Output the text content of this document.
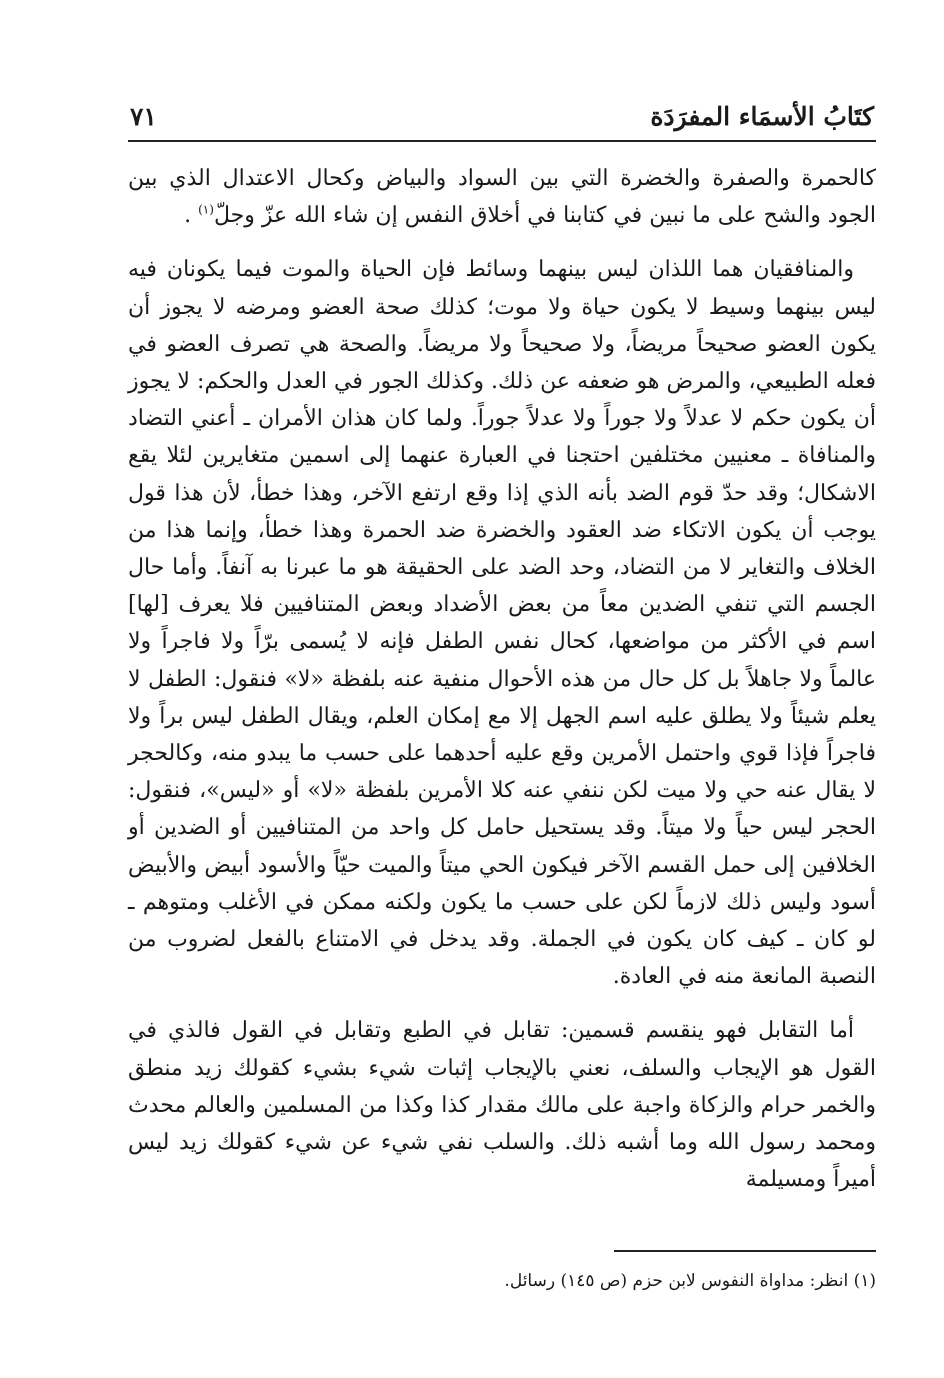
كتَابُ الأسمَاء المفرَدَة
٧١

كالحمرة والصفرة والخضرة التي بين السواد والبياض وكحال الاعتدال الذي بين الجود والشح على ما نبين في كتابنا في أخلاق النفس إن شاء الله عزّ وجلّ$^{(١)}$ .

والمنافقيان هما اللذان ليس بينهما وسائط فإن الحياة والموت فيما يكونان فيه ليس بينهما وسيط لا يكون حياة ولا موت؛ كذلك صحة العضو ومرضه لا يجوز أن يكون العضو صحيحاً مريضاً، ولا صحيحاً ولا مريضاً. والصحة هي تصرف العضو في فعله الطبيعي، والمرض هو ضعفه عن ذلك. وكذلك الجور في العدل والحكم: لا يجوز أن يكون حكم لا عدلاً ولا جوراً ولا عدلاً جوراً. ولما كان هذان الأمران ـ أعني التضاد والمنافاة ـ معنيين مختلفين احتجنا في العبارة عنهما إلى اسمين متغايرين لئلا يقع الاشكال؛ وقد حدّ قوم الضد بأنه الذي إذا وقع ارتفع الآخر، وهذا خطأ، لأن هذا قول يوجب أن يكون الاتكاء ضد العقود والخضرة ضد الحمرة وهذا خطأ، وإنما هذا من الخلاف والتغاير لا من التضاد، وحد الضد على الحقيقة هو ما عبرنا به آنفاً. وأما حال الجسم التي تنفي الضدين معاً من بعض الأضداد وبعض المتنافيين فلا يعرف [لها] اسم في الأكثر من مواضعها، كحال نفس الطفل فإنه لا يُسمى برّاً ولا فاجراً ولا عالماً ولا جاهلاً بل كل حال من هذه الأحوال منفية عنه بلفظة «لا» فنقول: الطفل لا يعلم شيئاً ولا يطلق عليه اسم الجهل إلا مع إمكان العلم، ويقال الطفل ليس براً ولا فاجراً فإذا قوي واحتمل الأمرين وقع عليه أحدهما على حسب ما يبدو منه، وكالحجر لا يقال عنه حي ولا ميت لكن ننفي عنه كلا الأمرين بلفظة «لا» أو «ليس»، فنقول: الحجر ليس حياً ولا ميتاً. وقد يستحيل حامل كل واحد من المتنافيين أو الضدين أو الخلافين إلى حمل القسم الآخر فيكون الحي ميتاً والميت حيّاً والأسود أبيض والأبيض أسود وليس ذلك لازماً لكن على حسب ما يكون ولكنه ممكن في الأغلب ومتوهم ـ لو كان ـ كيف كان يكون في الجملة. وقد يدخل في الامتناع بالفعل لضروب من النصبة المانعة منه في العادة.

أما التقابل فهو ينقسم قسمين: تقابل في الطبع وتقابل في القول فالذي في القول هو الإيجاب والسلف، نعني بالإيجاب إثبات شيء بشيء كقولك زيد منطق والخمر حرام والزكاة واجبة على مالك مقدار كذا وكذا من المسلمين والعالم محدث ومحمد رسول الله وما أشبه ذلك. والسلب نفي شيء عن شيء كقولك زيد ليس أميراً ومسيلمة

(١) انظر: مداواة النفوس لابن حزم (ص ١٤٥) رسائل.
